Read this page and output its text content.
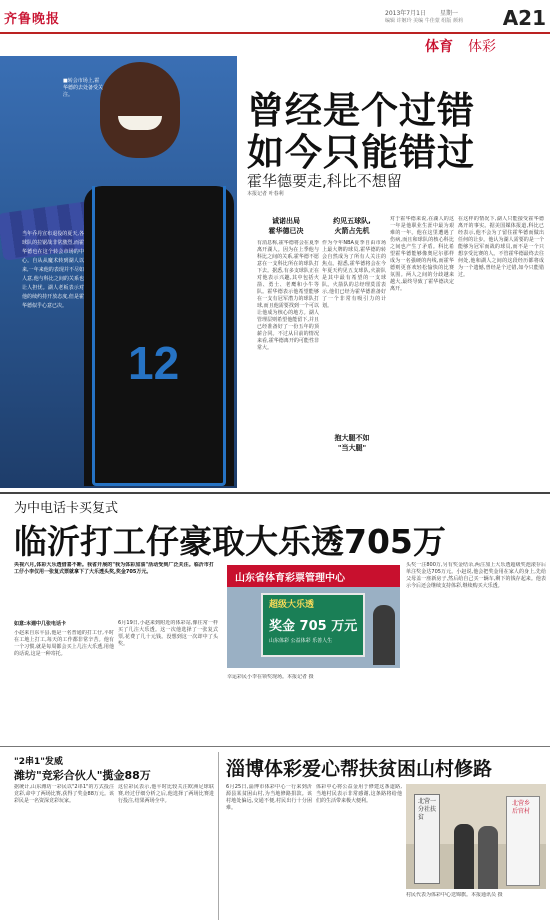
齐鲁晚报	2013年7月1日 星期一
编辑 许姬玲 美编 牛佳蒙 组版 颜莉 A21
体育 体彩
12
■转会市场上,霍华德的去处备受关注。
当年乔丹宣布退役的夏天,各球队的拉锯战非常激烈,而霍华德也在这个转会市场的中心。自从从魔术转到湖人以来,一年来他的表现并不尽如人意,他与科比之间的关系也让人担忧。湖人老板表示对他的续约持开放态度,但是霍华德似乎心意已决。
曾经是个过错
如今只能错过
霍华德要走,科比不想留
本报记者 叶春利
诚诺出局
霍华德已决
有消息称,霍华德将会在夏季离开湖人。因为在上季他与科比之间的关系,霍华德不愿意在一支科比所在的球队打下去。据悉,有多支球队正在对他表示兴趣,其中包括火箭、勇士、老鹰和小牛等队。霍华德表示他希望能够在一支有冠军潜力的球队打球,而且他需要找到一个可以让他成为核心的地方。湖人管理层则希望他能留下,并且已经准备好了一份五年的顶薪合同。不过从目前的情况来看,霍华德离开的可能性非常大。
约见五球队,
火箭占先机
作为今年NBA夏季自由市场上最大牌的球员,霍华德的转会自然成为了所有人关注的焦点。据悉,霍华德将会在今年夏天约见五支球队,火箭队是其中最有希望的一支球队。火箭队的总经理莫雷表示,他们已经为霍华德准备好了一个非常有吸引力的计划。
抱大腿不如
"当大腿"
对于霍华德来说,在湖人的这一年是他职业生涯中最为艰难的一年。他在这里遭遇了伤病,而且和球队的核心科比之间也产生了矛盾。科比希望霍华德能够像奥尼尔那样成为一名强硬的内线,而霍华德则更喜欢轻松愉快的比赛氛围。两人之间的分歧越来越大,最终导致了霍华德决定离开。
在这样的情况下,湖人只能接受霍华德离开的事实。据美国媒体报道,科比已经表示,他不会为了留住霍华德而做出任何的让步。他认为湖人需要的是一个能够为冠军而战的球员,而不是一个只想享受比赛的人。不管霍华德最终去往何处,他和湖人之间的这段经历都将成为一个遗憾,曾经是个过错,如今只能错过。
为中电话卡买复式
临沂打工仔豪取大乐透705万
央视六月,体彩大乐透借喜不断。我省开展的"我为体彩加油"活动受到广泛关注。临沂市打工仔小李仅用一张复式票就拿下了大乐透头奖,奖金705万元。
山东省体育彩票管理中心
超级大乐透
奖金 705 万元
山东体彩 公益体彩 乐善人生
幸运彩民小李在领奖现场。本报记者 摄
如意:本週中几张电话卡
小赵来自东平县,他是一名普通的打工仔,平时在工地上打工,每天的工作都非常辛苦。他有一个习惯,就是每周都会买上几注大乐透,用他的话说,这是一种寄托。
6月19日,小赵来到附近的体彩站,像往常一样买了几注大乐透。这一次他选择了一张复式票,花费了几十元钱。没想到这一次却中了头奖。
头奖一注800万,另有奖金结余,两注加上大乐透超级奖池滚存后单注奖金达705万元。小赵说,他会把奖金用在家人的身上,先给父母盖一座新房子,然后给自己买一辆车,剩下的钱存起来。他表示今后还会继续支持体彩,继续购买大乐透。
"2串1"发威
潍坊"竞彩合伙人"揽金88万
据统计,山东潍坊一彩民以"2串1"的方式投注竞彩,命中了两场比赛,获得了奖金88万元。该彩民是一名资深竞彩玩家。
这位彩民表示,他平时比较关注欧洲足球联赛,经过仔细分析之后,他选择了两场比赛进行投注,结果两场全中。
淄博体彩爱心帮扶贫困山村修路
6月25日,淄博市体彩中心一行来到沂源县某贫困山村,为当地修路捐款。该村地处偏远,交通不便,村民出行十分困难。
体彩中心将公益金用于修建这条道路,当地村民表示非常感谢,这条路将给他们的生活带来极大便利。	北营一分社扶贫
北营乡后官村
村民代表为体彩中心送锦旗。本报通讯员 摄
